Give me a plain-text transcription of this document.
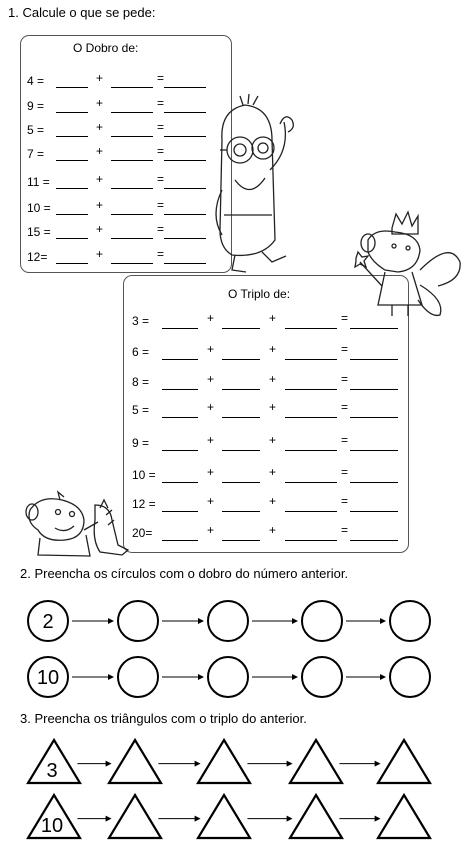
1. Calcule o que se pede:
O Dobro de:
4 =	+	=
9 =	+	=
5 =	+	=
7 =	+	=
11 =	+	=
10 =	+	=
15 =	+	=
12=	+	=
O Triplo de:
3 =	+	+	=
6 =	+	+	=
8 =	+	+	=
5 =	+	+	=
9 =	+	+	=
10 =	+	+	=
12 =	+	+	=
20=	+	+	=
2. Preencha os círculos com o dobro do número anterior.
2
10
3. Preencha os triângulos com o triplo do anterior.
3
10
